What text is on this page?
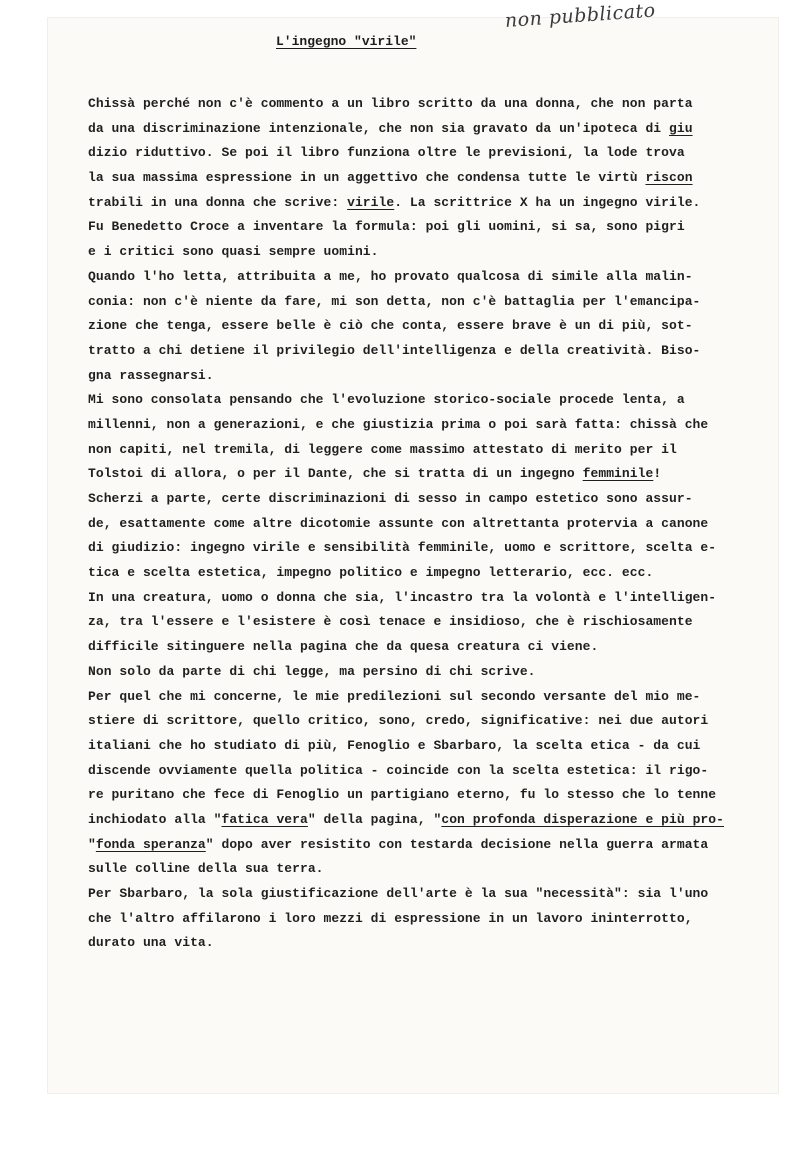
non pubblicato
L'ingegno "virile"
Chissà perché non c'è commento a un libro scritto da una donna, che non parta
da una discriminazione intenzionale, che non sia gravato da un'ipoteca di giu
dizio riduttivo. Se poi il libro funziona oltre le previsioni, la lode trova
la sua massima espressione in un aggettivo che condensa tutte le virtù riscon
trabili in una donna che scrive: virile. La scrittrice X ha un ingegno virile.
Fu Benedetto Croce a inventare la formula: poi gli uomini, si sa, sono pigri
e i critici sono quasi sempre uomini.
Quando l'ho letta, attribuita a me, ho provato qualcosa di simile alla malin-
conia: non c'è niente da fare, mi son detta, non c'è battaglia per l'emancipa-
zione che tenga, essere belle è ciò che conta, essere brave è un di più, sot-
tratto a chi detiene il privilegio dell'intelligenza e della creatività. Biso-
gna rassegnarsi.
Mi sono consolata pensando che l'evoluzione storico-sociale procede lenta, a
millenni, non a generazioni, e che giustizia prima o poi sarà fatta: chissà che
non capiti, nel tremila, di leggere come massimo attestato di merito per il
Tolstoi di allora, o per il Dante, che si tratta di un ingegno femminile!
Scherzi a parte, certe discriminazioni di sesso in campo estetico sono assur-
de, esattamente come altre dicotomie assunte con altrettanta protervia a canone
di giudizio: ingegno virile e sensibilità femminile, uomo e scrittore, scelta e-
tica e scelta estetica, impegno politico e impegno letterario, ecc. ecc.
In una creatura, uomo o donna che sia, l'incastro tra la volontà e l'intelligen-
za, tra l'essere e l'esistere è così tenace e insidioso, che è rischiosamente
difficile sitinguere nella pagina che da quesa creatura ci viene.
Non solo da parte di chi legge, ma persino di chi scrive.
Per quel che mi concerne, le mie predilezioni sul secondo versante del mio me-
stiere di scrittore, quello critico, sono, credo, significative: nei due autori
italiani che ho studiato di più, Fenoglio e Sbarbaro, la scelta etica - da cui
discende ovviamente quella politica - coincide con la scelta estetica: il rigo-
re puritano che fece di Fenoglio un partigiano eterno, fu lo stesso che lo tenne
inchiodato alla "fatica vera" della pagina, "con profonda disperazione e più pro-
"fonda speranza" dopo aver resistito con testarda decisione nella guerra armata
sulle colline della sua terra.
Per Sbarbaro, la sola giustificazione dell'arte è la sua "necessità": sia l'uno
che l'altro affilarono i loro mezzi di espressione in un lavoro ininterrotto,
durato una vita.
